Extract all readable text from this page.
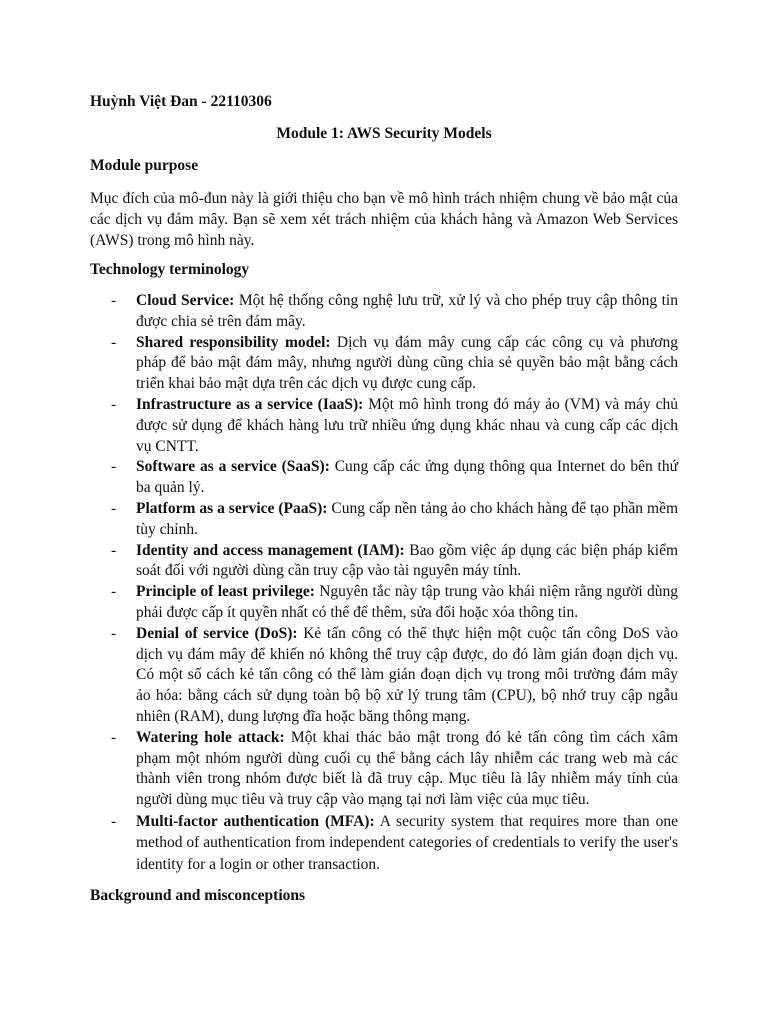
Huỳnh Việt Đan - 22110306
Module 1: AWS Security Models
Module purpose

Mục đích của mô-đun này là giới thiệu cho bạn về mô hình trách nhiệm chung về bảo mật của các dịch vụ đám mây. Bạn sẽ xem xét trách nhiệm của khách hàng và Amazon Web Services (AWS) trong mô hình này.

Technology terminology
- Cloud Service: Một hệ thống công nghệ lưu trữ, xử lý và cho phép truy cập thông tin được chia sẻ trên đám mây.
- Shared responsibility model: Dịch vụ đám mây cung cấp các công cụ và phương pháp để bảo mật đám mây, nhưng người dùng cũng chia sẻ quyền bảo mật bằng cách triển khai bảo mật dựa trên các dịch vụ được cung cấp.
- Infrastructure as a service (IaaS): Một mô hình trong đó máy ảo (VM) và máy chủ được sử dụng để khách hàng lưu trữ nhiều ứng dụng khác nhau và cung cấp các dịch vụ CNTT.
- Software as a service (SaaS): Cung cấp các ứng dụng thông qua Internet do bên thứ ba quản lý.
- Platform as a service (PaaS): Cung cấp nền tảng ảo cho khách hàng để tạo phần mềm tùy chỉnh.
- Identity and access management (IAM): Bao gồm việc áp dụng các biện pháp kiểm soát đối với người dùng cần truy cập vào tài nguyên máy tính.
- Principle of least privilege: Nguyên tắc này tập trung vào khái niệm rằng người dùng phải được cấp ít quyền nhất có thể để thêm, sửa đổi hoặc xóa thông tin.
- Denial of service (DoS): Kẻ tấn công có thể thực hiện một cuộc tấn công DoS vào dịch vụ đám mây để khiến nó không thể truy cập được, do đó làm gián đoạn dịch vụ. Có một số cách kẻ tấn công có thể làm gián đoạn dịch vụ trong môi trường đám mây ảo hóa: bằng cách sử dụng toàn bộ bộ xử lý trung tâm (CPU), bộ nhớ truy cập ngẫu nhiên (RAM), dung lượng đĩa hoặc băng thông mạng.
- Watering hole attack: Một khai thác bảo mật trong đó kẻ tấn công tìm cách xâm phạm một nhóm người dùng cuối cụ thể bằng cách lây nhiễm các trang web mà các thành viên trong nhóm được biết là đã truy cập. Mục tiêu là lây nhiễm máy tính của người dùng mục tiêu và truy cập vào mạng tại nơi làm việc của mục tiêu.
- Multi-factor authentication (MFA): A security system that requires more than one method of authentication from independent categories of credentials to verify the user's identity for a login or other transaction.
Background and misconceptions
